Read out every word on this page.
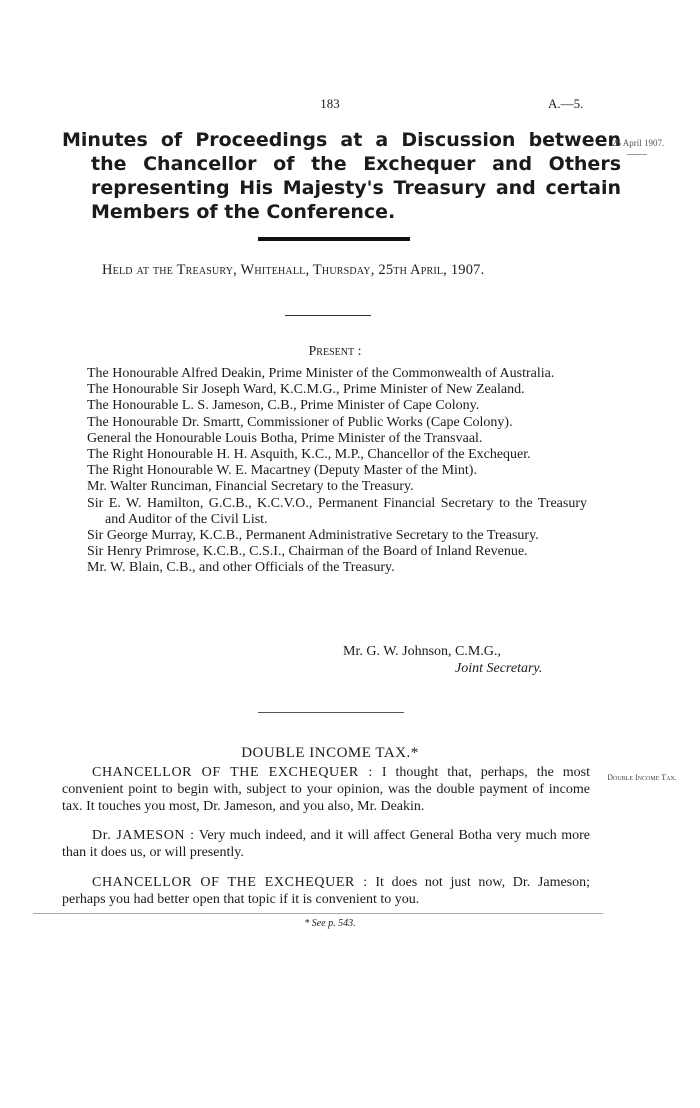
183	A.—5.
Minutes of Proceedings at a Discussion between the Chancellor of the Exchequer and Others representing His Majesty's Treasury and certain Members of the Conference.
25 April 1907.
Held at the Treasury, Whitehall, Thursday, 25th April, 1907.
Present :
The Honourable Alfred Deakin, Prime Minister of the Commonwealth of Australia.
The Honourable Sir Joseph Ward, K.C.M.G., Prime Minister of New Zealand.
The Honourable L. S. Jameson, C.B., Prime Minister of Cape Colony.
The Honourable Dr. Smartt, Commissioner of Public Works (Cape Colony).
General the Honourable Louis Botha, Prime Minister of the Transvaal.
The Right Honourable H. H. Asquith, K.C., M.P., Chancellor of the Exchequer.
The Right Honourable W. E. Macartney (Deputy Master of the Mint).
Mr. Walter Runciman, Financial Secretary to the Treasury.
Sir E. W. Hamilton, G.C.B., K.C.V.O., Permanent Financial Secretary to the Treasury and Auditor of the Civil List.
Sir George Murray, K.C.B., Permanent Administrative Secretary to the Treasury.
Sir Henry Primrose, K.C.B., C.S.I., Chairman of the Board of Inland Revenue.
Mr. W. Blain, C.B., and other Officials of the Treasury.
Mr. G. W. Johnson, C.M.G.,
Joint Secretary.
DOUBLE INCOME TAX.*
Double Income Tax.

CHANCELLOR OF THE EXCHEQUER : I thought that, perhaps, the most convenient point to begin with, subject to your opinion, was the double payment of income tax. It touches you most, Dr. Jameson, and you also, Mr. Deakin.

Dr. JAMESON : Very much indeed, and it will affect General Botha very much more than it does us, or will presently.

CHANCELLOR OF THE EXCHEQUER : It does not just now, Dr. Jameson; perhaps you had better open that topic if it is convenient to you.

* See p. 543.
